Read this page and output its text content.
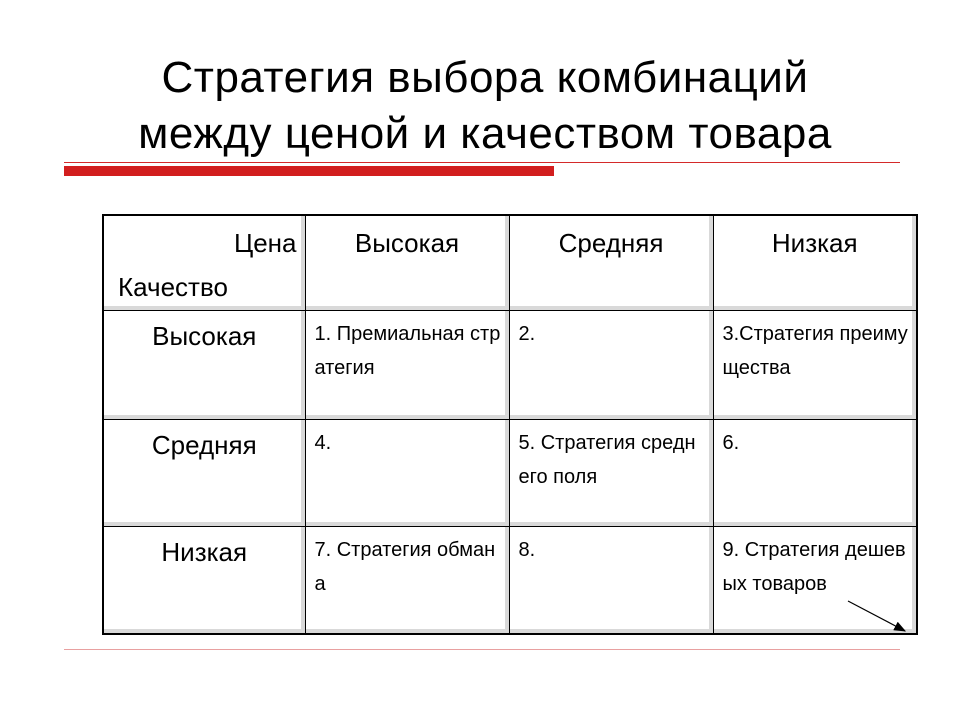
Стратегия выбора комбинаций
между ценой и качеством товара
Цена
Качество	Высокая	Средняя	Низкая

Высокая	1. Премиальная стратегия	2.	3.Стратегия преимущества

Средняя	4.	5. Стратегия среднего поля	6.

Низкая	7. Стратегия обмана	8.	9. Стратегия дешевых товаров
